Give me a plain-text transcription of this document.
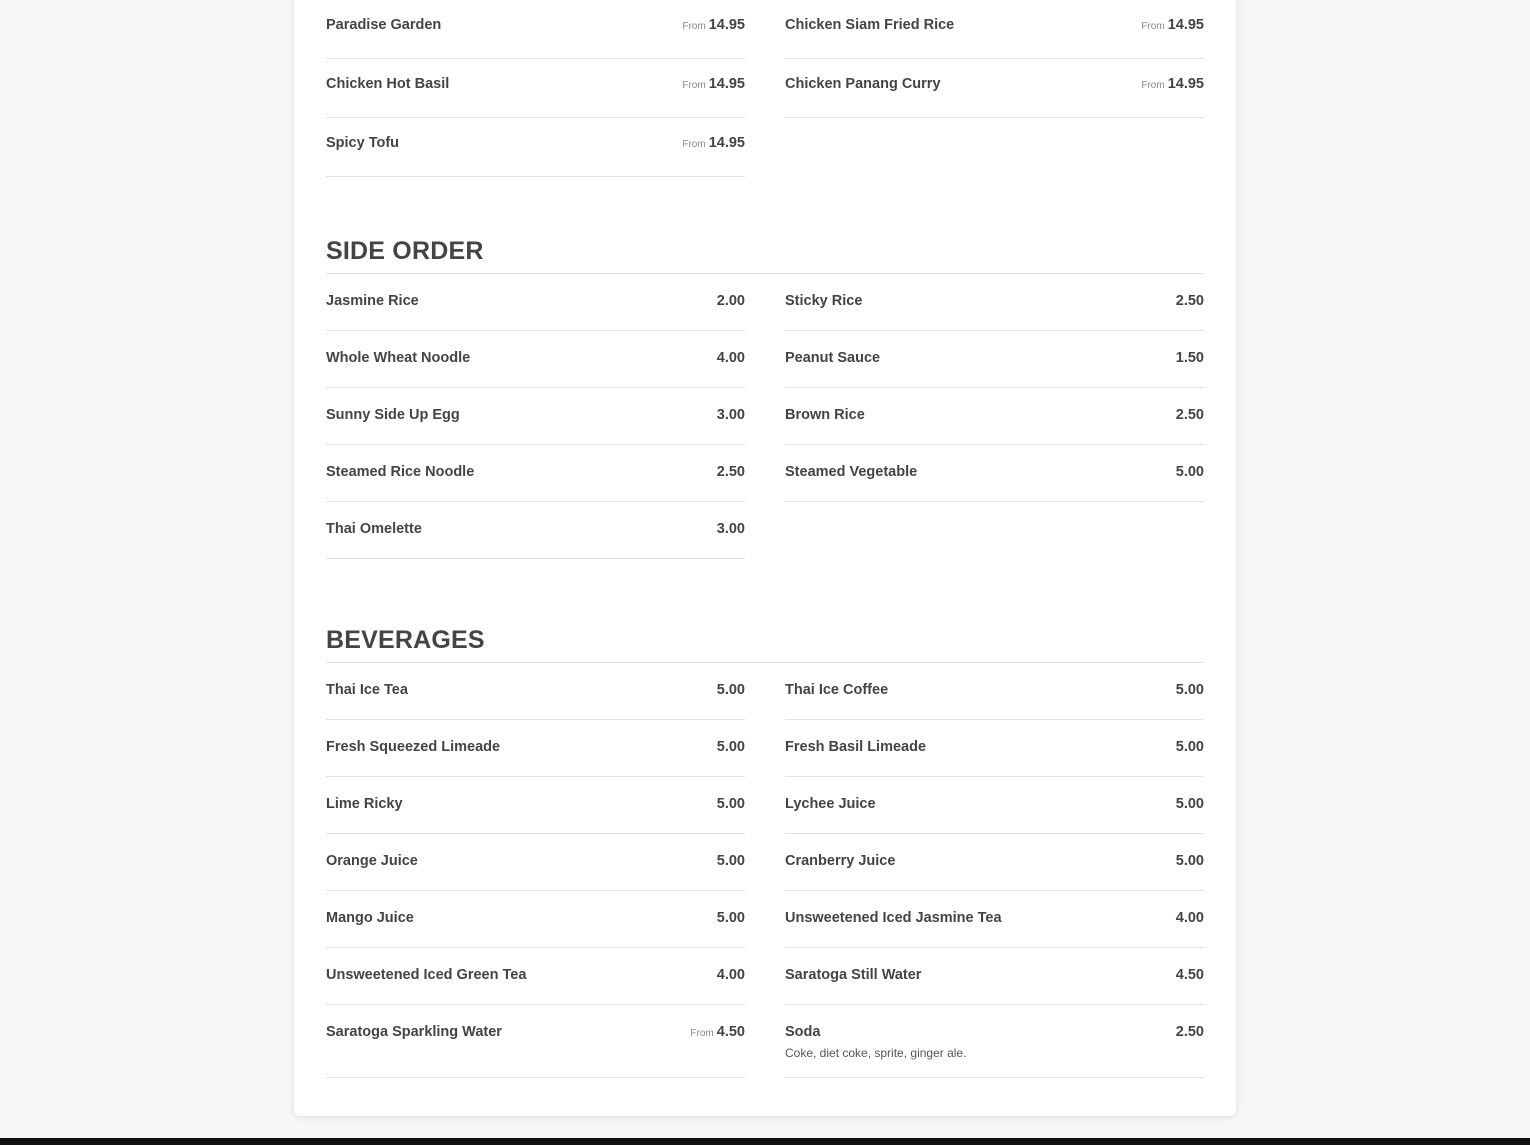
Paradise Garden	From 14.95
Chicken Hot Basil	From 14.95
Spicy Tofu	From 14.95
Chicken Siam Fried Rice	From 14.95
Chicken Panang Curry	From 14.95
SIDE ORDER
Jasmine Rice	2.00
Whole Wheat Noodle	4.00
Sunny Side Up Egg	3.00
Steamed Rice Noodle	2.50
Thai Omelette	3.00
Sticky Rice	2.50
Peanut Sauce	1.50
Brown Rice	2.50
Steamed Vegetable	5.00
BEVERAGES
Thai Ice Tea	5.00
Fresh Squeezed Limeade	5.00
Lime Ricky	5.00
Orange Juice	5.00
Mango Juice	5.00
Unsweetened Iced Green Tea	4.00
Saratoga Sparkling Water	From 4.50
Thai Ice Coffee	5.00
Fresh Basil Limeade	5.00
Lychee Juice	5.00
Cranberry Juice	5.00
Unsweetened Iced Jasmine Tea	4.00
Saratoga Still Water	4.50
Soda	2.50
Coke, diet coke, sprite, ginger ale.
